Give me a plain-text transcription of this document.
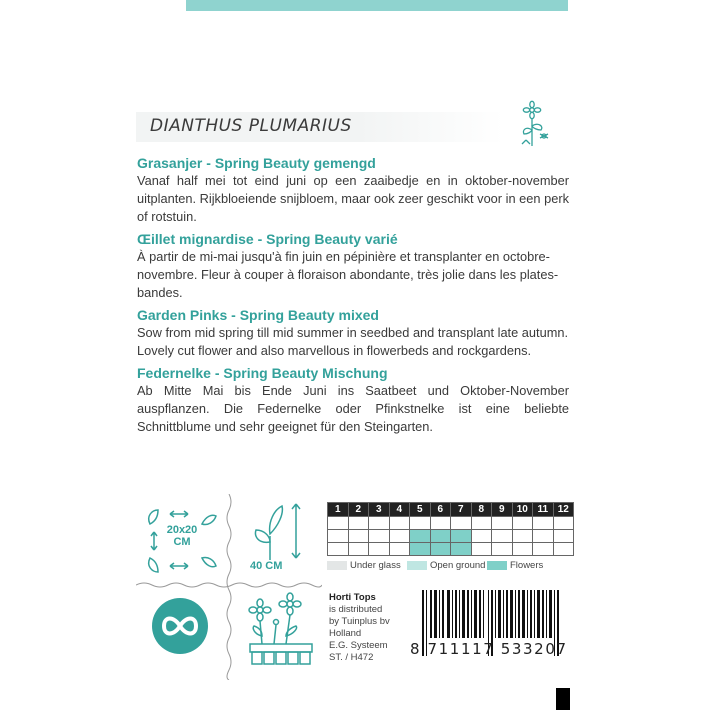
DIANTHUS PLUMARIUS
Grasanjer - Spring Beauty gemengd

Vanaf half mei tot eind juni op een zaaibedje en in oktober-november uitplanten. Rijkbloeiende snijbloem, maar ook zeer geschikt voor in een perk of rotstuin.

Œillet mignardise - Spring Beauty varié

À partir de mi-mai jusqu'à fin juin en pépinière et transplanter en octobre-novembre. Fleur à couper à floraison abondante, très jolie dans les plates-bandes.

Garden Pinks - Spring Beauty mixed

Sow from mid spring till mid summer in seedbed and transplant late autumn. Lovely cut flower and also marvellous in flowerbeds and rockgardens.

Federnelke - Spring Beauty Mischung

Ab Mitte Mai bis Ende Juni ins Saatbeet und Oktober-November auspflanzen. Die Federnelke oder Pfinkstnelke ist eine beliebte Schnittblume und sehr geeignet für den Steingarten.

20x20
CM
40 CM
1	2	3	4	5	6	7	8	9	10	11	12

Under glass	Open ground	Flowers
Horti Tops
is distributed
by Tuinplus bv
Holland
E.G. Systeem
ST. / H472	8 711117 533207
